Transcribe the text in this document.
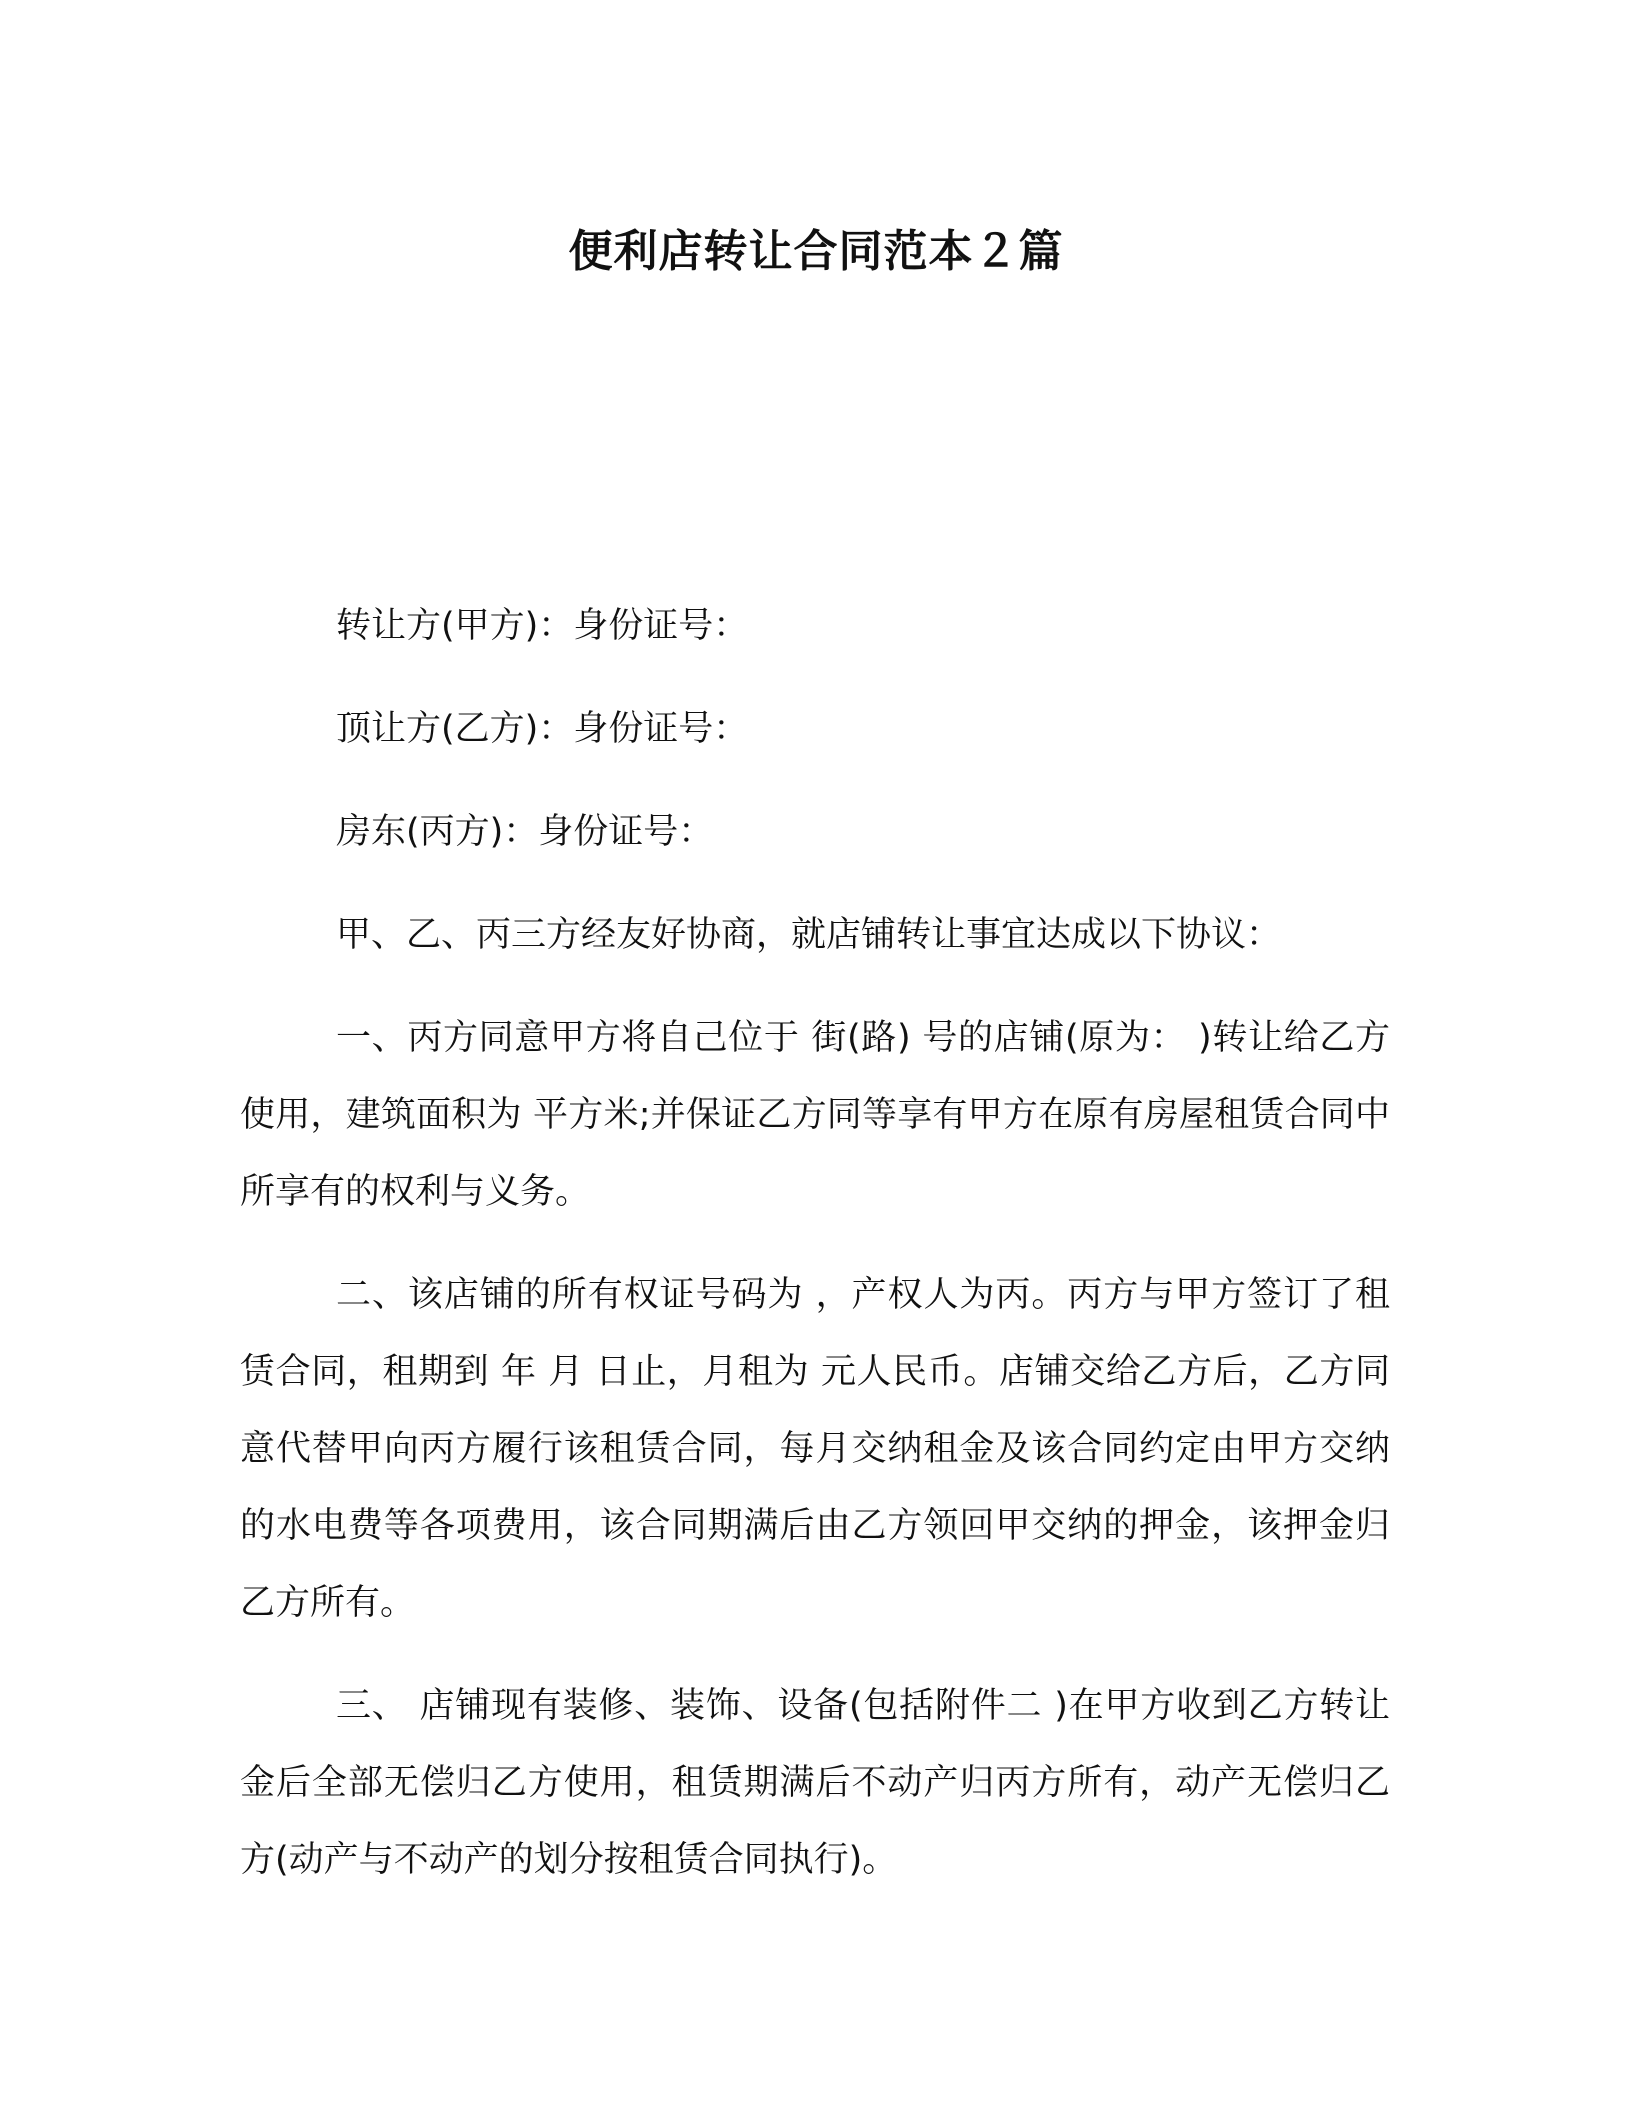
便利店转让合同范本２篇

转让方(甲方)：身份证号：

顶让方(乙方)：身份证号：

房东(丙方)：身份证号：

甲、乙、丙三方经友好协商，就店铺转让事宜达成以下协议：

一、丙方同意甲方将自己位于 街(路) 号的店铺(原为： )转让给乙方使用，建筑面积为 平方米;并保证乙方同等享有甲方在原有房屋租赁合同中所享有的权利与义务。

二、该店铺的所有权证号码为 ，产权人为丙。丙方与甲方签订了租赁合同，租期到 年 月 日止，月租为 元人民币。店铺交给乙方后，乙方同意代替甲向丙方履行该租赁合同，每月交纳租金及该合同约定由甲方交纳的水电费等各项费用，该合同期满后由乙方领回甲交纳的押金，该押金归乙方所有。

三、 店铺现有装修、装饰、设备(包括附件二 )在甲方收到乙方转让金后全部无偿归乙方使用，租赁期满后不动产归丙方所有，动产无偿归乙方(动产与不动产的划分按租赁合同执行)。
